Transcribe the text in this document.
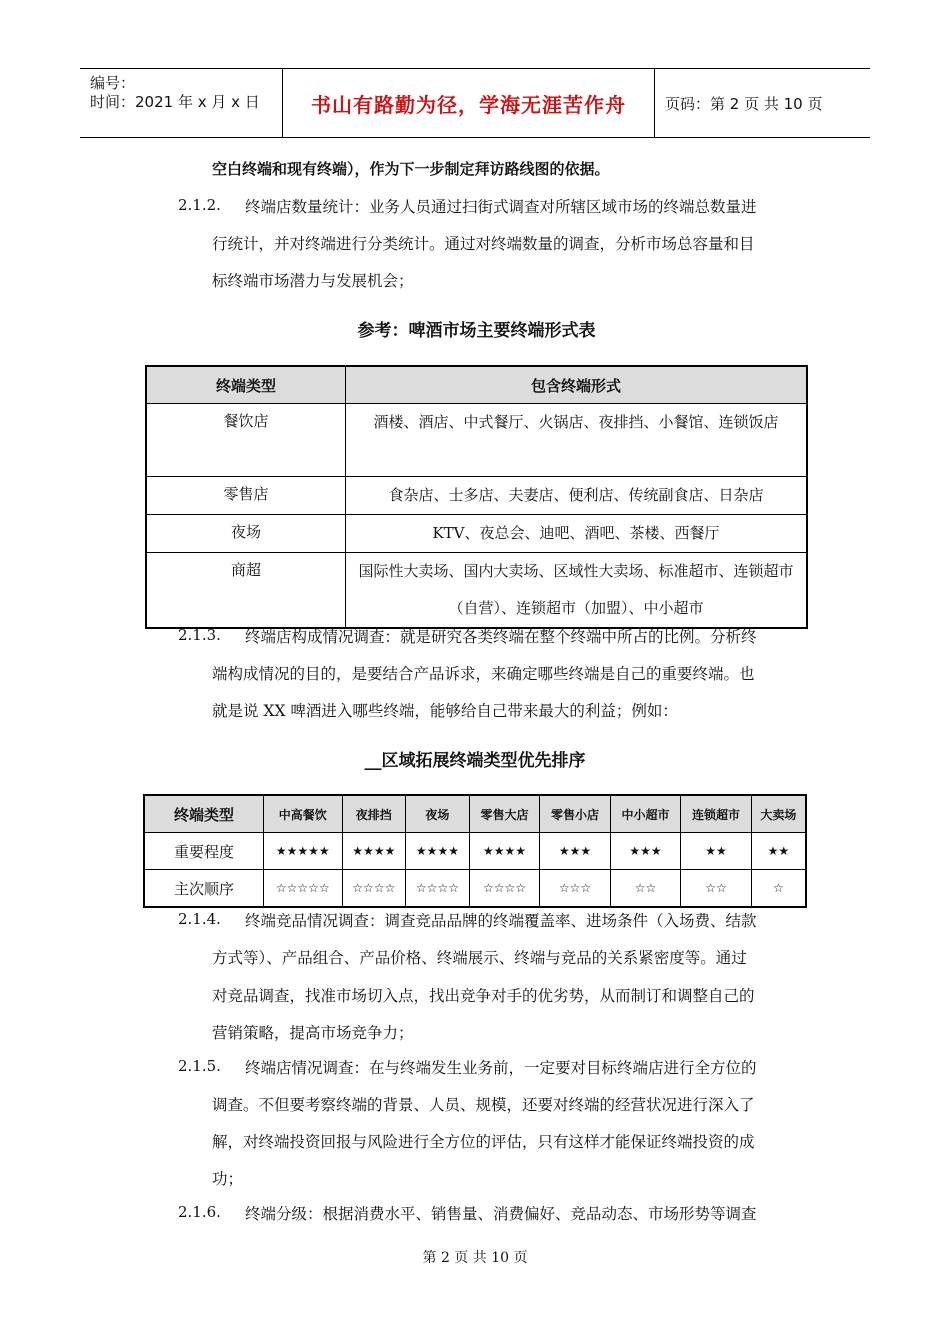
编号：
时间：2021 年 x 月 x 日	书山有路勤为径，学海无涯苦作舟	页码：第 2 页 共 10 页
空白终端和现有终端），作为下一步制定拜访路线图的依据。
2.1.2. 终端店数量统计：业务人员通过扫街式调查对所辖区域市场的终端总数量进
行统计，并对终端进行分类统计。通过对终端数量的调查，分析市场总容量和目
标终端市场潜力与发展机会；
参考：啤酒市场主要终端形式表
终端类型	包含终端形式
餐饮店	酒楼、酒店、中式餐厅、火锅店、夜排挡、小餐馆、连锁饭店
零售店	食杂店、士多店、夫妻店、便利店、传统副食店、日杂店
夜场	KTV、夜总会、迪吧、酒吧、茶楼、西餐厅
商超	国际性大卖场、国内大卖场、区域性大卖场、标准超市、连锁超市（自营）、连锁超市（加盟）、中小超市
2.1.3. 终端店构成情况调查：就是研究各类终端在整个终端中所占的比例。分析终
端构成情况的目的，是要结合产品诉求，来确定哪些终端是自己的重要终端。也
就是说 XX 啤酒进入哪些终端，能够给自己带来最大的利益；例如：
__区域拓展终端类型优先排序
终端类型	中高餐饮	夜排挡	夜场	零售大店	零售小店	中小超市	连锁超市	大卖场
重要程度	★★★★★	★★★★	★★★★	★★★★	★★★	★★★	★★	★★
主次顺序	☆☆☆☆☆	☆☆☆☆	☆☆☆☆	☆☆☆☆	☆☆☆	☆☆	☆☆	☆
2.1.4. 终端竞品情况调查：调查竞品品牌的终端覆盖率、进场条件（入场费、结款
方式等）、产品组合、产品价格、终端展示、终端与竞品的关系紧密度等。通过
对竞品调查，找准市场切入点，找出竞争对手的优劣势，从而制订和调整自己的
营销策略，提高市场竞争力；
2.1.5. 终端店情况调查：在与终端发生业务前，一定要对目标终端店进行全方位的
调查。不但要考察终端的背景、人员、规模，还要对终端的经营状况进行深入了
解，对终端投资回报与风险进行全方位的评估，只有这样才能保证终端投资的成
功；
2.1.6. 终端分级：根据消费水平、销售量、消费偏好、竞品动态、市场形势等调查
第 2 页 共 10 页
